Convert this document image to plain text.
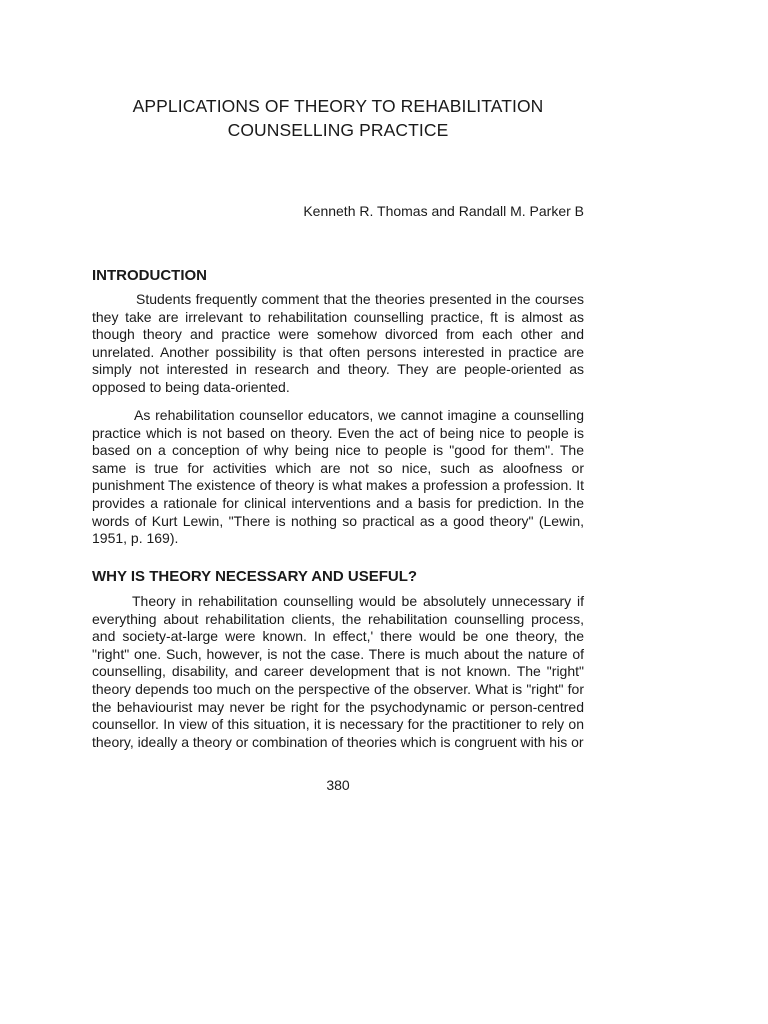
APPLICATIONS OF THEORY TO REHABILITATION
COUNSELLING PRACTICE
Kenneth R. Thomas and Randall M. Parker B
INTRODUCTION

Students frequently comment that the theories presented in the courses they take are irrelevant to rehabilitation counselling practice, ft is almost as though theory and practice were somehow divorced from each other and unrelated. Another possibility is that often persons interested in practice are simply not interested in research and theory. They are people-oriented as opposed to being data-oriented.

As rehabilitation counsellor educators, we cannot imagine a counselling practice which is not based on theory. Even the act of being nice to people is based on a conception of why being nice to people is "good for them". The same is true for activities which are not so nice, such as aloofness or punishment The existence of theory is what makes a profession a profession. It provides a rationale for clinical interventions and a basis for prediction. In the words of Kurt Lewin, "There is nothing so practical as a good theory" (Lewin, 1951, p. 169).

WHY IS THEORY NECESSARY AND USEFUL?

Theory in rehabilitation counselling would be absolutely unnecessary if everything about rehabilitation clients, the rehabilitation counselling process, and society-at-large were known. In effect,' there would be one theory, the "right" one. Such, however, is not the case. There is much about the nature of counselling, disability, and career development that is not known. The "right" theory depends too much on the perspective of the observer. What is "right" for the behaviourist may never be right for the psychodynamic or person-centred counsellor. In view of this situation, it is necessary for the practitioner to rely on theory, ideally a theory or combination of theories which is congruent with his or

380
